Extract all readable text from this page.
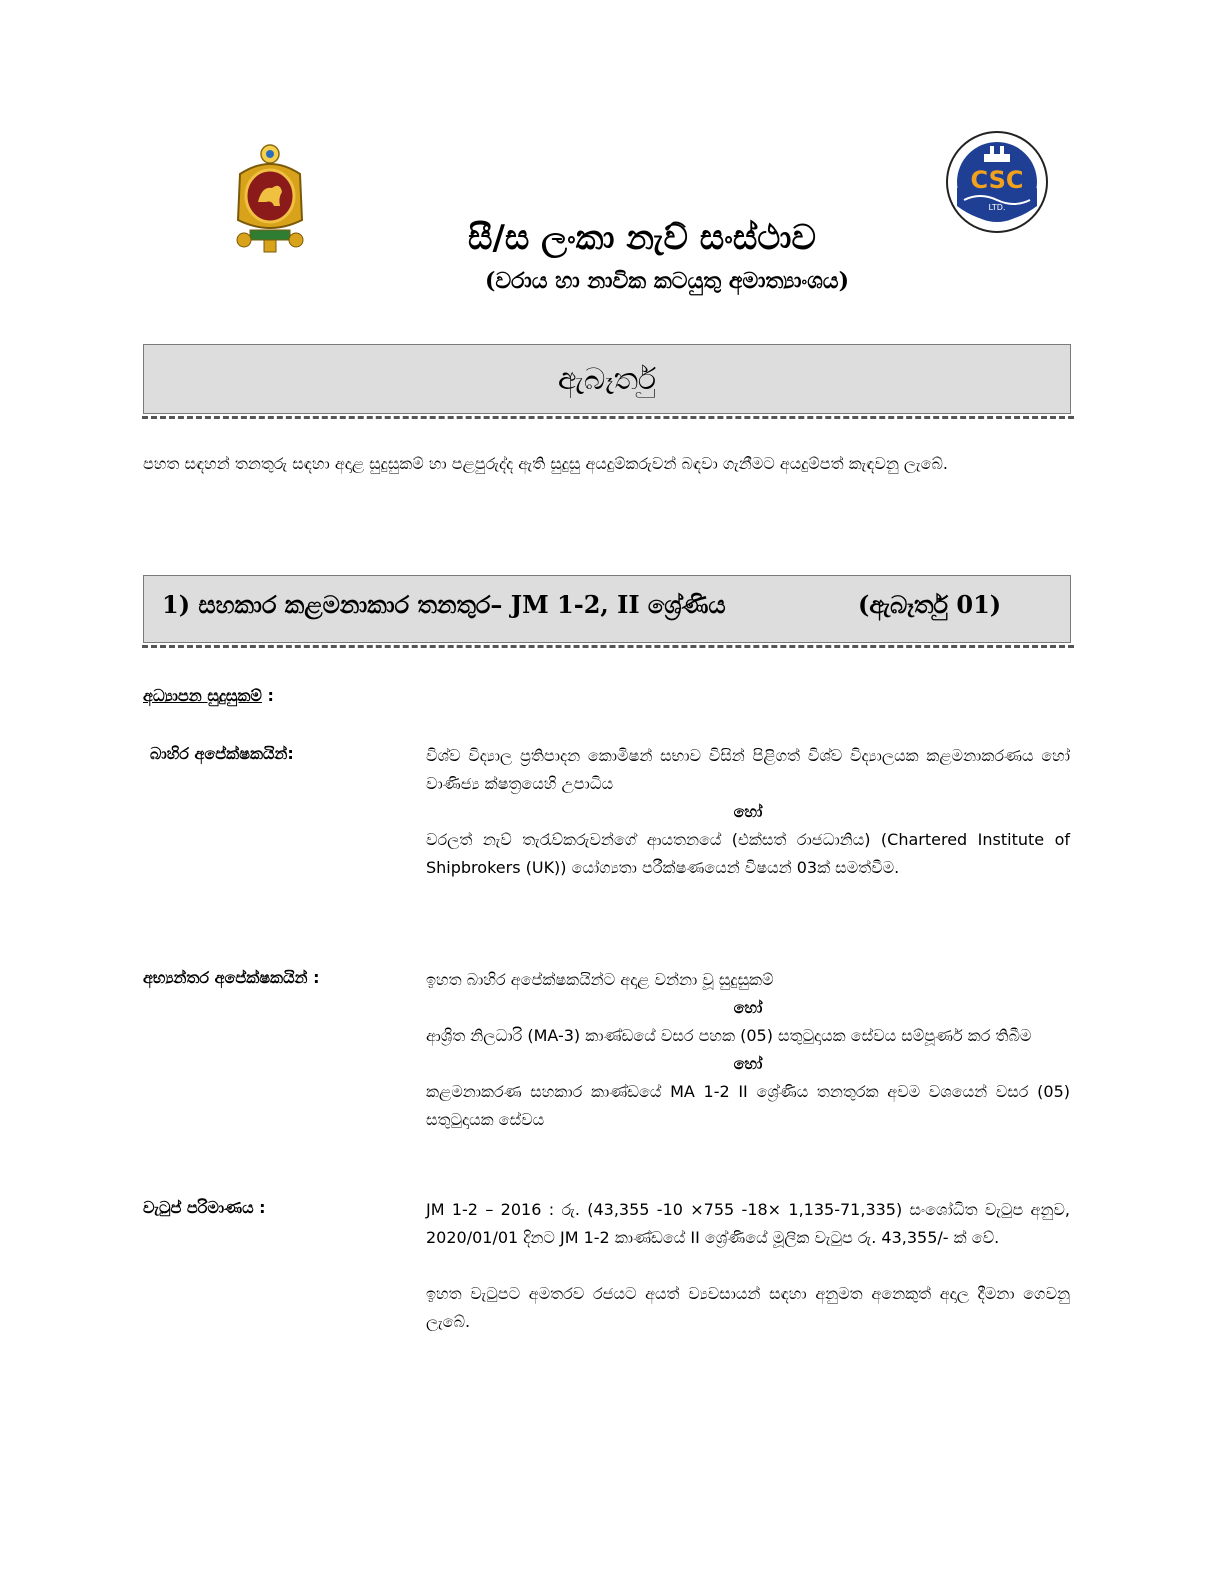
CSC
LTD.
සී/ස ලංකා නැව් සංස්ථාව
(වරාය හා නාවික කටයුතු අමාත්‍යාංශය)
ඇබෑර්තු
පහත සඳහන් තනතුරු සඳහා අදාළ සුදුසුකම් හා පළපුරුද්ද ඇති සුදුසු අයදුම්කරුවන් බඳවා ගැනීමට අයදුම්පත් කැඳවනු ලැබේ.
1) සහකාර කළමනාකාර තනතුර– JM 1-2, II ශ්‍රේණිය	(ඇබෑර්තු 01)
අධ්‍යාපන සුදුසුකම් :
බාහිර අපේක්ෂකයින්:	විශ්ව විද්‍යාල ප්‍රතිපාදන කොමිෂන් සභාව විසින් පිළිගත් විශ්ව විද්‍යාලයක කළමනාකරණය හෝ වාණිජ්‍ය ක්ෂත්‍රයෙහි උපාධිය

හෝ

වරලත් නැව් තැරැව්කරුවන්ගේ ආයතනයේ (එක්සත් රාජධානිය) (Chartered Institute of Shipbrokers (UK)) යෝග්‍යතා පරීක්ෂණයෙන් විෂයන් 03ක් සමත්වීම.

අභ්‍යන්තර අපේක්ෂකයින් :	ඉහත බාහිර අපේක්ෂකයින්ට අදාළ වන්නා වූ සුදුසුකම්

හෝ

ආශ්‍රිත නිලධාරි (MA-3) කාණ්ඩයේ වසර පහක (05) සතුටුදායක සේවය සම්පූර්ණ කර තිබීම

හෝ

කළමනාකරණ සහකාර කාණ්ඩයේ MA 1-2 II ශ්‍රේණිය තනතුරක අවම වශයෙන් වසර (05) සතුටුදායක සේවය

වැටුප් පරිමාණය :	JM 1-2 – 2016 : රු. (43,355 -10 ×755 -18× 1,135-71,335) සංශෝධිත වැටුප අනුව, 2020/01/01 දිනට JM 1-2 කාණ්ඩයේ II ශ්‍රේණියේ මූලික වැටුප රු. 43,355/- ක් වේ.

ඉහත වැටුපට අමතරව රජයට අයත් ව්‍යවසායන් සඳහා අනුමත අනෙකුත් අදාල දීමනා ගෙවනු ලැබේ.
